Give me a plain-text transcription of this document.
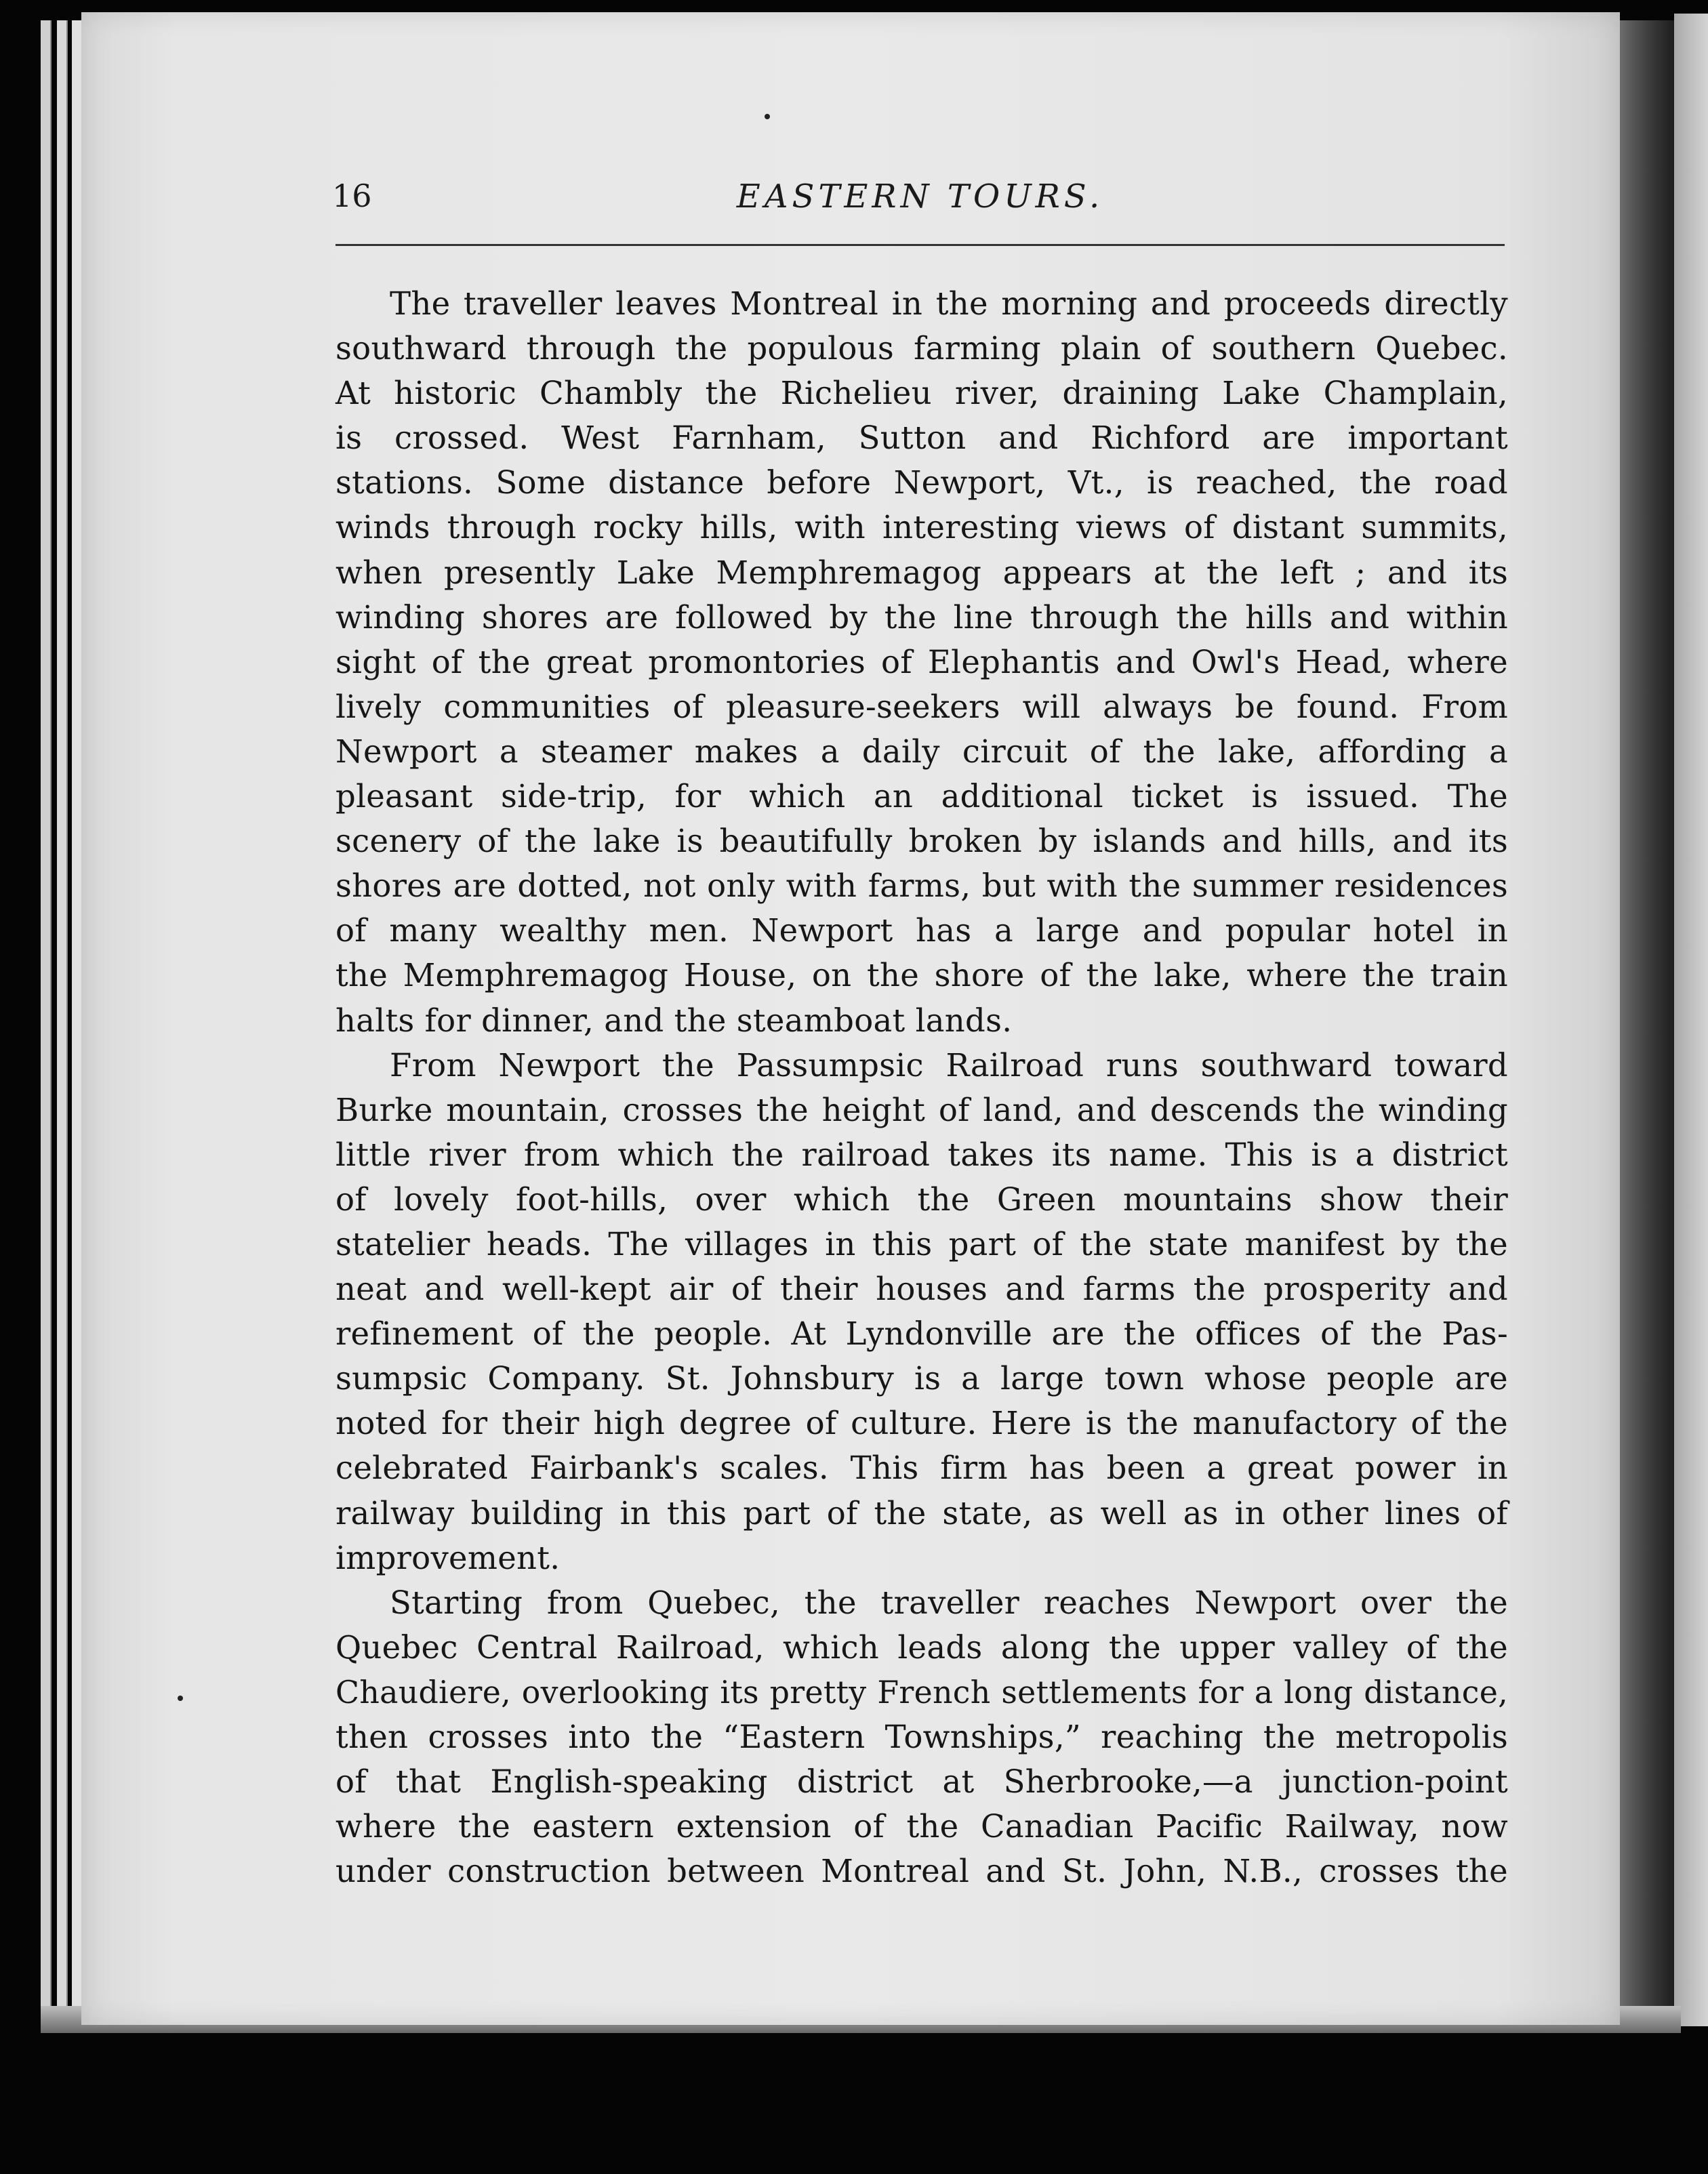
16	EASTERN TOURS.
The traveller leaves Montreal in the morning and proceeds directly
southward through the populous farming plain of southern Quebec.
At historic Chambly the Richelieu river, draining Lake Champlain,
is crossed. West Farnham, Sutton and Richford are important
stations. Some distance before Newport, Vt., is reached, the road
winds through rocky hills, with interesting views of distant summits,
when presently Lake Memphremagog appears at the left ; and its
winding shores are followed by the line through the hills and within
sight of the great promontories of Elephantis and Owl's Head, where
lively communities of pleasure-seekers will always be found. From
Newport a steamer makes a daily circuit of the lake, affording a
pleasant side-trip, for which an additional ticket is issued. The
scenery of the lake is beautifully broken by islands and hills, and its
shores are dotted, not only with farms, but with the summer residences
of many wealthy men. Newport has a large and popular hotel in
the Memphremagog House, on the shore of the lake, where the train
halts for dinner, and the steamboat lands.
From Newport the Passumpsic Railroad runs southward toward
Burke mountain, crosses the height of land, and descends the winding
little river from which the railroad takes its name. This is a district
of lovely foot-hills, over which the Green mountains show their
statelier heads. The villages in this part of the state manifest by the
neat and well-kept air of their houses and farms the prosperity and
refinement of the people. At Lyndonville are the offices of the Pas-
sumpsic Company. St. Johnsbury is a large town whose people are
noted for their high degree of culture. Here is the manufactory of the
celebrated Fairbank's scales. This firm has been a great power in
railway building in this part of the state, as well as in other lines of
improvement.
Starting from Quebec, the traveller reaches Newport over the
Quebec Central Railroad, which leads along the upper valley of the
Chaudiere, overlooking its pretty French settlements for a long distance,
then crosses into the “Eastern Townships,” reaching the metropolis
of that English-speaking district at Sherbrooke,—a junction-point
where the eastern extension of the Canadian Pacific Railway, now
under construction between Montreal and St. John, N.B., crosses the
